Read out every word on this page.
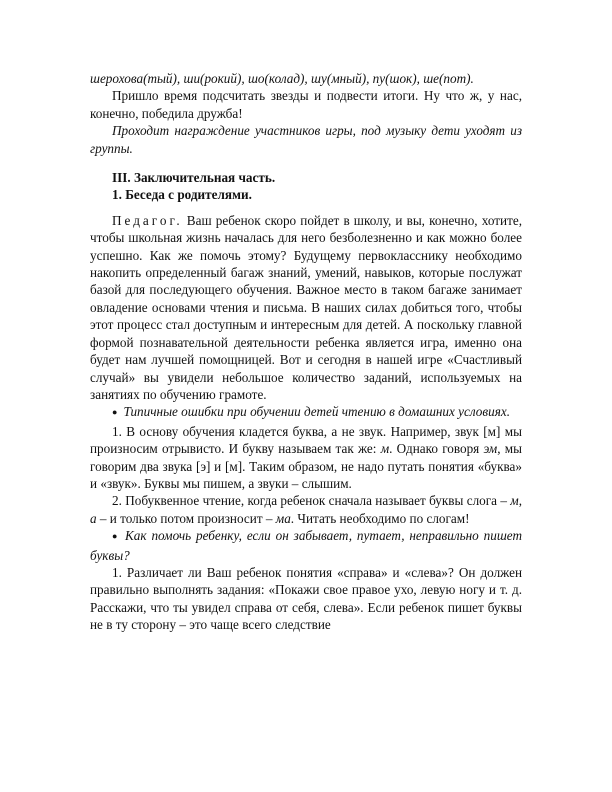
шерохова(тый), ши(рокий), шо(колад), шу(мный), пу(шок), ше(пот).

Пришло время подсчитать звезды и подвести итоги. Ну что ж, у нас, конечно, победила дружба!

Проходит награждение участников игры, под музыку дети уходят из группы.

III. Заключительная часть.

1. Беседа с родителями.

Педагог. Ваш ребенок скоро пойдет в школу, и вы, конечно, хотите, чтобы школьная жизнь началась для него безболезненно и как можно более успешно. Как же помочь этому? Будущему первокласснику необходимо накопить определенный багаж знаний, умений, навыков, которые послужат базой для последующего обучения. Важное место в таком багаже занимает овладение основами чтения и письма. В наших силах добиться того, чтобы этот процесс стал доступным и интересным для детей. А поскольку главной формой познавательной деятельности ребенка является игра, именно она будет нам лучшей помощницей. Вот и сегодня в нашей игре «Счастливый случай» вы увидели небольшое количество заданий, используемых на занятиях по обучению грамоте.

● Типичные ошибки при обучении детей чтению в домашних условиях.

1. В основу обучения кладется буква, а не звук. Например, звук [м] мы произносим отрывисто. И букву называем так же: м. Однако говоря эм, мы говорим два звука [э] и [м]. Таким образом, не надо путать понятия «буква» и «звук». Буквы мы пишем, а звуки – слышим.

2. Побуквенное чтение, когда ребенок сначала называет буквы слога – м, а – и только потом произносит – ма. Читать необходимо по слогам!

● Как помочь ребенку, если он забывает, путает, неправильно пишет буквы?

1. Различает ли Ваш ребенок понятия «справа» и «слева»? Он должен правильно выполнять задания: «Покажи свое правое ухо, левую ногу и т. д. Расскажи, что ты увидел справа от себя, слева». Если ребенок пишет буквы не в ту сторону – это чаще всего следствие
